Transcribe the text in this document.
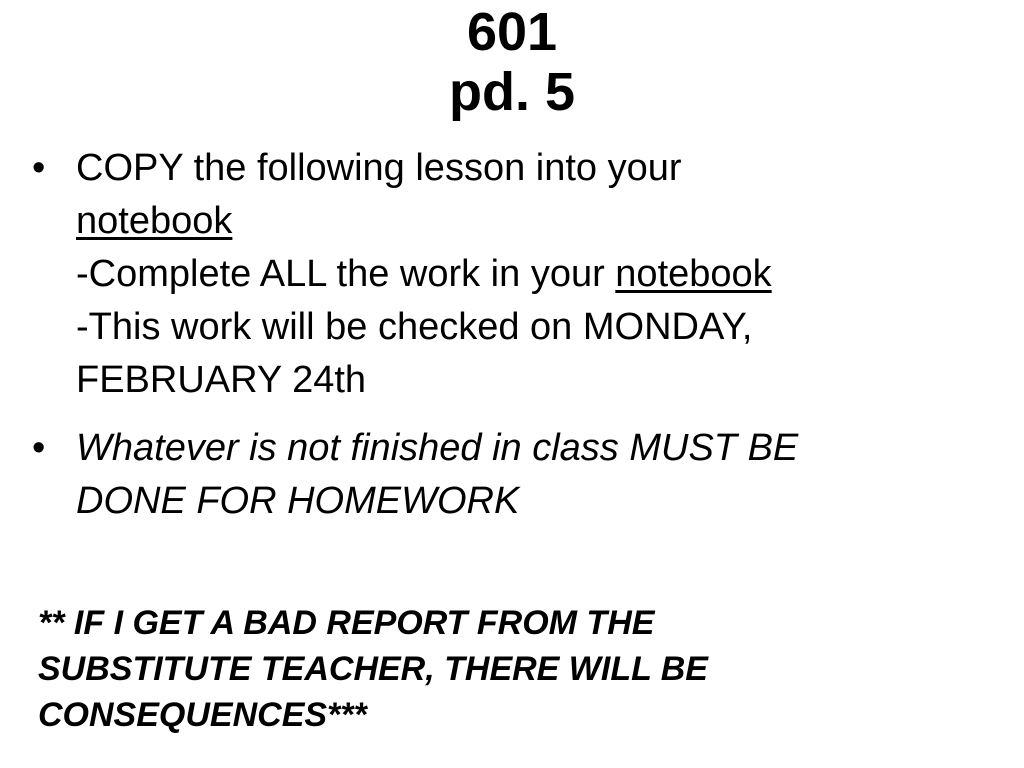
601
pd. 5
• COPY the following lesson into your
notebook
-Complete ALL the work in your notebook
-This work will be checked on MONDAY,
FEBRUARY 24th
• Whatever is not finished in class MUST BE
DONE FOR HOMEWORK
** IF I GET A BAD REPORT FROM THE
SUBSTITUTE TEACHER, THERE WILL BE
CONSEQUENCES***
